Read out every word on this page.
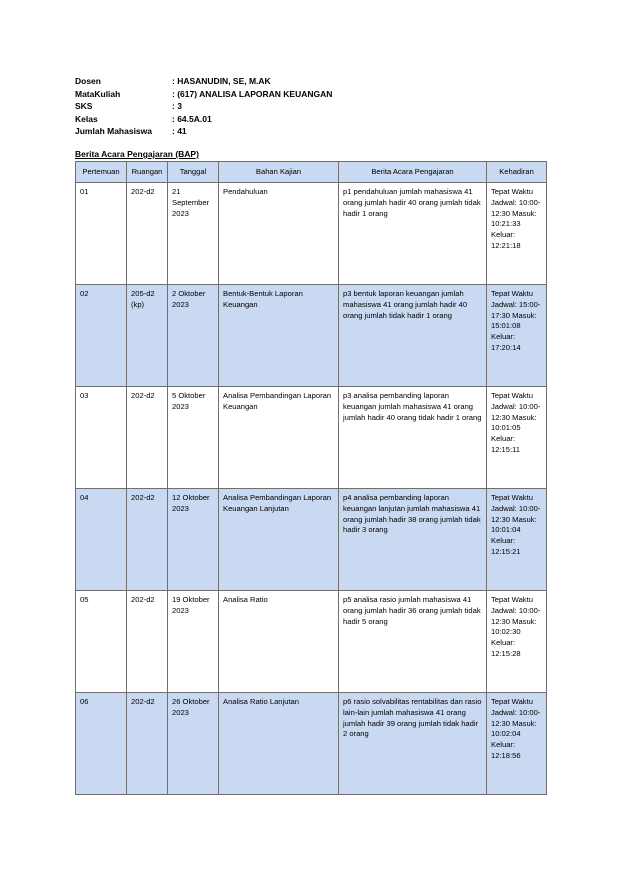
Dosen	: HASANUDIN, SE, M.AK
MataKuliah	: (617) ANALISA LAPORAN KEUANGAN
SKS	: 3
Kelas	: 64.5A.01
Jumlah Mahasiswa	: 41
Berita Acara Pengajaran (BAP)
Pertemuan	Ruangan	Tanggal	Bahan Kajian	Berita Acara Pengajaran	Kehadiran
01	202-d2	21 September 2023	Pendahuluan	p1 pendahuluan jumlah mahasiswa 41 orang jumlah hadir 40 orang jumlah tidak hadir 1 orang	Tepat Waktu Jadwal: 10:00-12:30 Masuk: 10:21:33 Keluar: 12:21:18
02	205-d2 (kp)	2 Oktober 2023	Bentuk-Bentuk Laporan Keuangan	p3 bentuk laporan keuangan jumlah mahasiswa 41 orang jumlah hadir 40 orang jumlah tidak hadir 1 orang	Tepat Waktu Jadwal: 15:00-17:30 Masuk: 15:01:08 Keluar: 17:20:14
03	202-d2	5 Oktober 2023	Analisa Pembandingan Laporan Keuangan	p3 analisa pembanding laporan keuangan jumlah mahasiswa 41 orang jumlah hadir 40 orang tidak hadir 1 orang	Tepat Waktu Jadwal: 10:00-12:30 Masuk: 10:01:05 Keluar: 12:15:11
04	202-d2	12 Oktober 2023	Analisa Pembandingan Laporan Keuangan Lanjutan	p4 analisa pembanding laporan keuangan lanjutan jumlah mahasiswa 41 orang jumlah hadir 38 orang jumlah tidak hadir 3 orang	Tepat Waktu Jadwal: 10:00-12:30 Masuk: 10:01:04 Keluar: 12:15:21
05	202-d2	19 Oktober 2023	Analisa Ratio	p5 analisa rasio jumlah mahasiswa 41 orang jumlah hadir 36 orang jumlah tidak hadir 5 orang	Tepat Waktu Jadwal: 10:00-12:30 Masuk: 10:02:30 Keluar: 12:15:28
06	202-d2	26 Oktober 2023	Analisa Ratio Lanjutan	p6 rasio solvabilitas rentabilitas dan rasio lain-lain jumlah mahasiswa 41 orang jumlah hadir 39 orang jumlah tidak hadir 2 orang	Tepat Waktu Jadwal: 10:00-12:30 Masuk: 10:02:04 Keluar: 12:18:56
